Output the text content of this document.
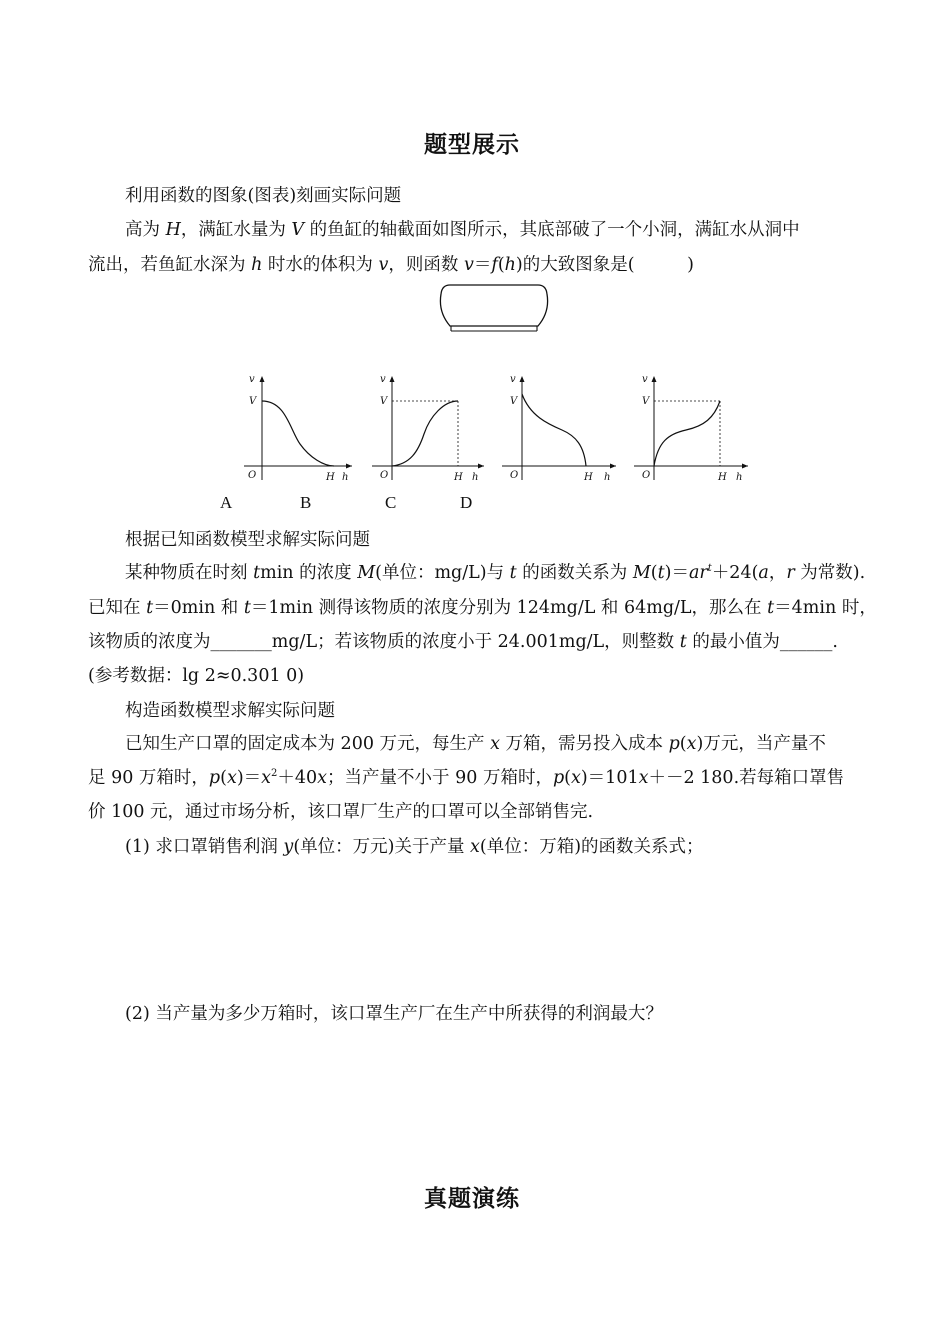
题型展示
利用函数的图象(图表)刻画实际问题
高为 H，满缸水量为 V 的鱼缸的轴截面如图所示，其底部破了一个小洞，满缸水从洞中
流出，若鱼缸水深为 h 时水的体积为 v，则函数 v＝f(h)的大致图象是(　　　)
v
V
O	H h
v
V
O	H h
v
V
O	H h
v
V
O	H h
A	B	C	D
根据已知函数模型求解实际问题
某种物质在时刻 tmin 的浓度 M(单位：mg/L)与 t 的函数关系为 $M(t)=ar^t+24(a$，r 为常数).
已知在 t＝0min 和 t＝1min 测得该物质的浓度分别为 124mg/L 和 64mg/L，那么在 t＝4min 时，
该物质的浓度为_______mg/L；若该物质的浓度小于 24.001mg/L，则整数 t 的最小值为______.
(参考数据：lg 2≈0.301 0)
构造函数模型求解实际问题
已知生产口罩的固定成本为 200 万元，每生产 x 万箱，需另投入成本 p(x)万元，当产量不
足 90 万箱时，$p(x)=x^2+40x$；当产量不小于 90 万箱时，p(x)＝101x＋－2 180.若每箱口罩售
价 100 元，通过市场分析，该口罩厂生产的口罩可以全部销售完.
(1) 求口罩销售利润 y(单位：万元)关于产量 x(单位：万箱)的函数关系式；
(2) 当产量为多少万箱时，该口罩生产厂在生产中所获得的利润最大？
真题演练
